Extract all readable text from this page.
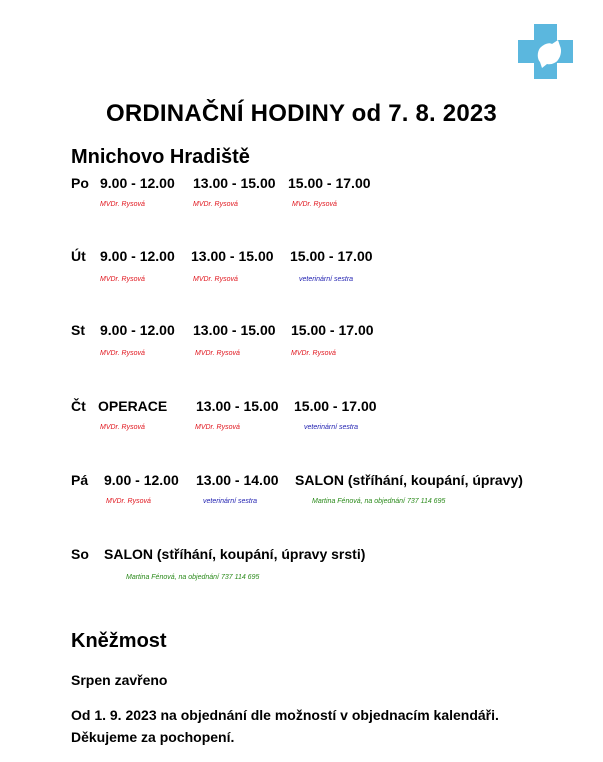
ORDINAČNÍ HODINY od 7. 8. 2023
Mnichovo Hradiště
Po 9.00 - 12.00 13.00 - 15.00 15.00 - 17.00
MVDr. Rysová	MVDr. Rysová	MVDr. Rysová
Út 9.00 - 12.00 13.00 - 15.00 15.00 - 17.00
MVDr. Rysová	MVDr. Rysová	veterinární sestra
St 9.00 - 12.00 13.00 - 15.00 15.00 - 17.00
MVDr. Rysová	MVDr. Rysová	MVDr. Rysová
Čt OPERACE 13.00 - 15.00 15.00 - 17.00
MVDr. Rysová	MVDr. Rysová	veterinární sestra
Pá 9.00 - 12.00 13.00 - 14.00 SALON (stříhání, koupání, úpravy)
MVDr. Rysová	veterinární sestra	Martina Fénová, na objednání 737 114 695
So SALON (stříhání, koupání, úpravy srsti)
Martina Fénová, na objednání 737 114 695
Kněžmost
Srpen zavřeno
Od 1. 9. 2023 na objednání dle možností v objednacím kalendáři.
Děkujeme za pochopení.
